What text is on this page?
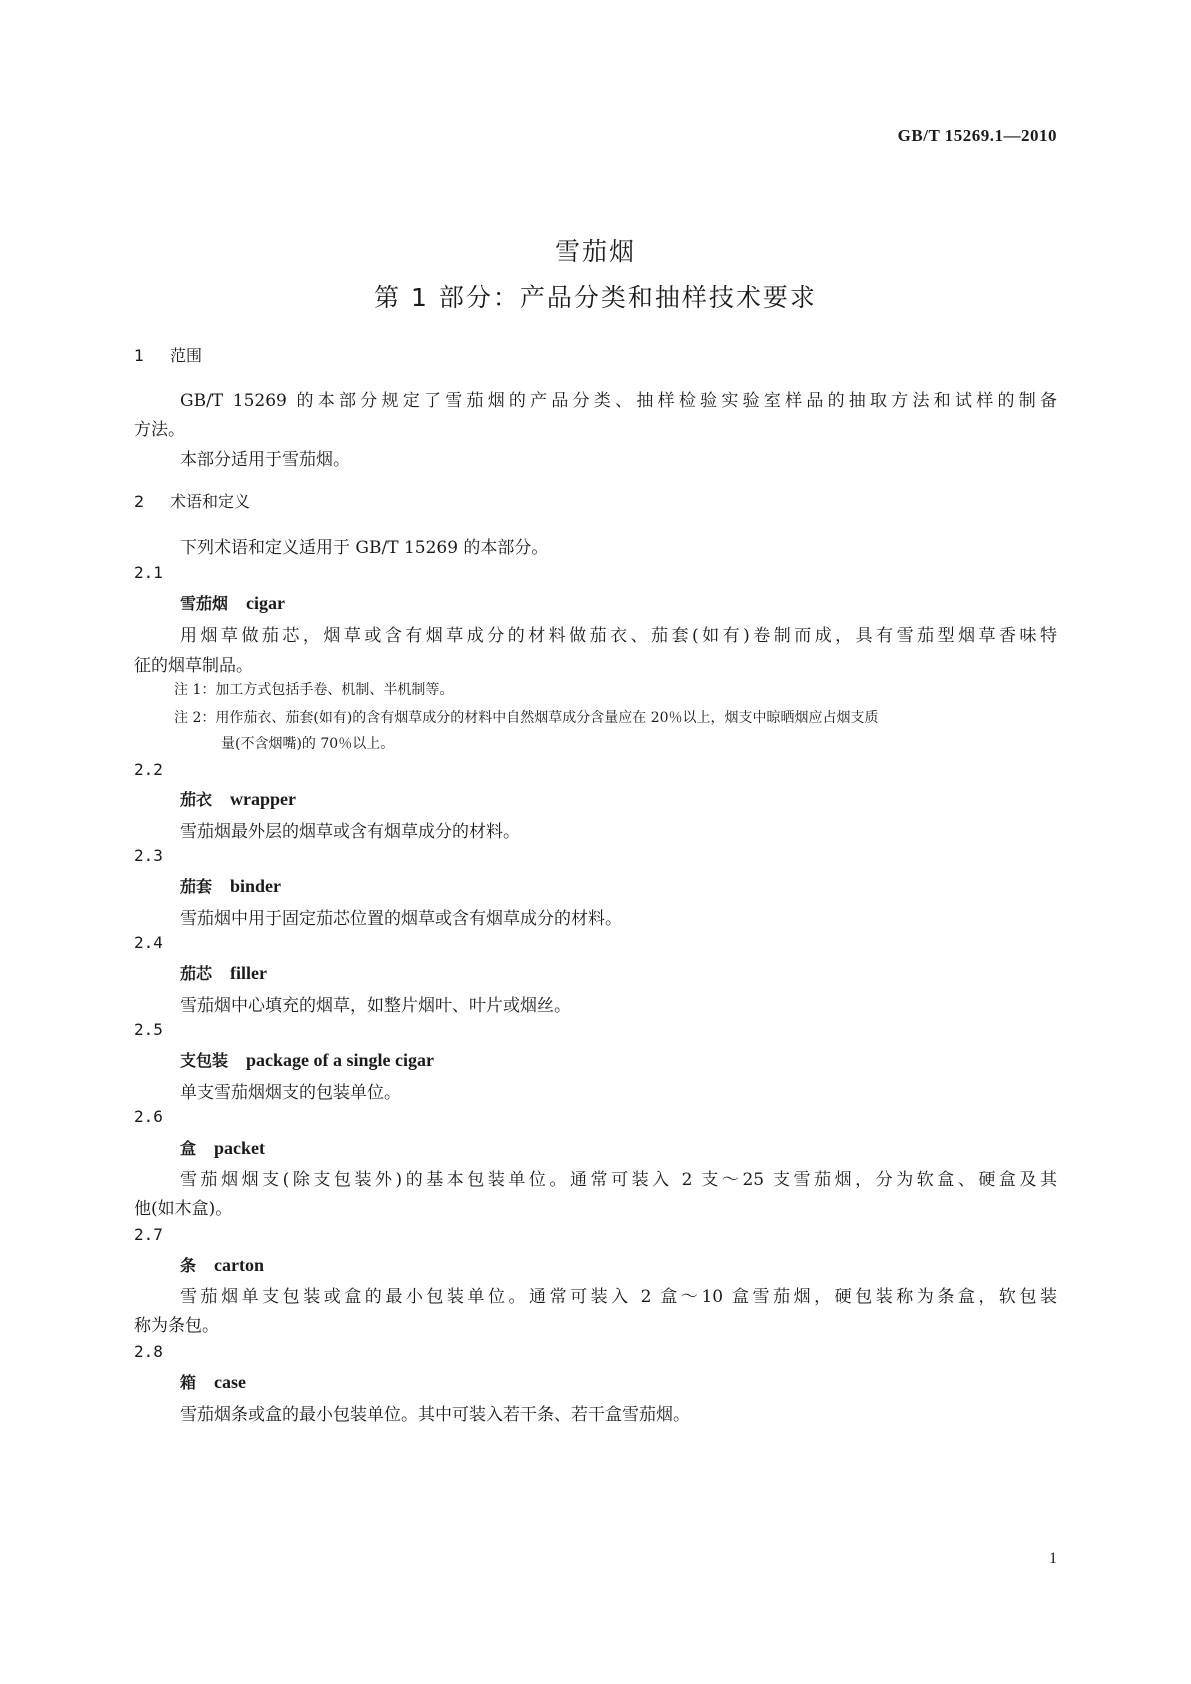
GB/T 15269.1—2010
雪茄烟
第 1 部分：产品分类和抽样技术要求
1 范围
GB/T 15269 的本部分规定了雪茄烟的产品分类、抽样检验实验室样品的抽取方法和试样的制备
方法。
本部分适用于雪茄烟。
2 术语和定义
下列术语和定义适用于 GB/T 15269 的本部分。
2.1
雪茄烟 cigar
用烟草做茄芯，烟草或含有烟草成分的材料做茄衣、茄套(如有)卷制而成，具有雪茄型烟草香味特
征的烟草制品。
注 1：加工方式包括手卷、机制、半机制等。
注 2：用作茄衣、茄套(如有)的含有烟草成分的材料中自然烟草成分含量应在 20％以上，烟支中晾晒烟应占烟支质
量(不含烟嘴)的 70％以上。
2.2
茄衣 wrapper
雪茄烟最外层的烟草或含有烟草成分的材料。
2.3
茄套 binder
雪茄烟中用于固定茄芯位置的烟草或含有烟草成分的材料。
2.4
茄芯 filler
雪茄烟中心填充的烟草，如整片烟叶、叶片或烟丝。
2.5
支包装 package of a single cigar
单支雪茄烟烟支的包装单位。
2.6
盒 packet
雪茄烟烟支(除支包装外)的基本包装单位。通常可装入 2 支～25 支雪茄烟，分为软盒、硬盒及其
他(如木盒)。
2.7
条 carton
雪茄烟单支包装或盒的最小包装单位。通常可装入 2 盒～10 盒雪茄烟，硬包装称为条盒，软包装
称为条包。
2.8
箱 case
雪茄烟条或盒的最小包装单位。其中可装入若干条、若干盒雪茄烟。
1
